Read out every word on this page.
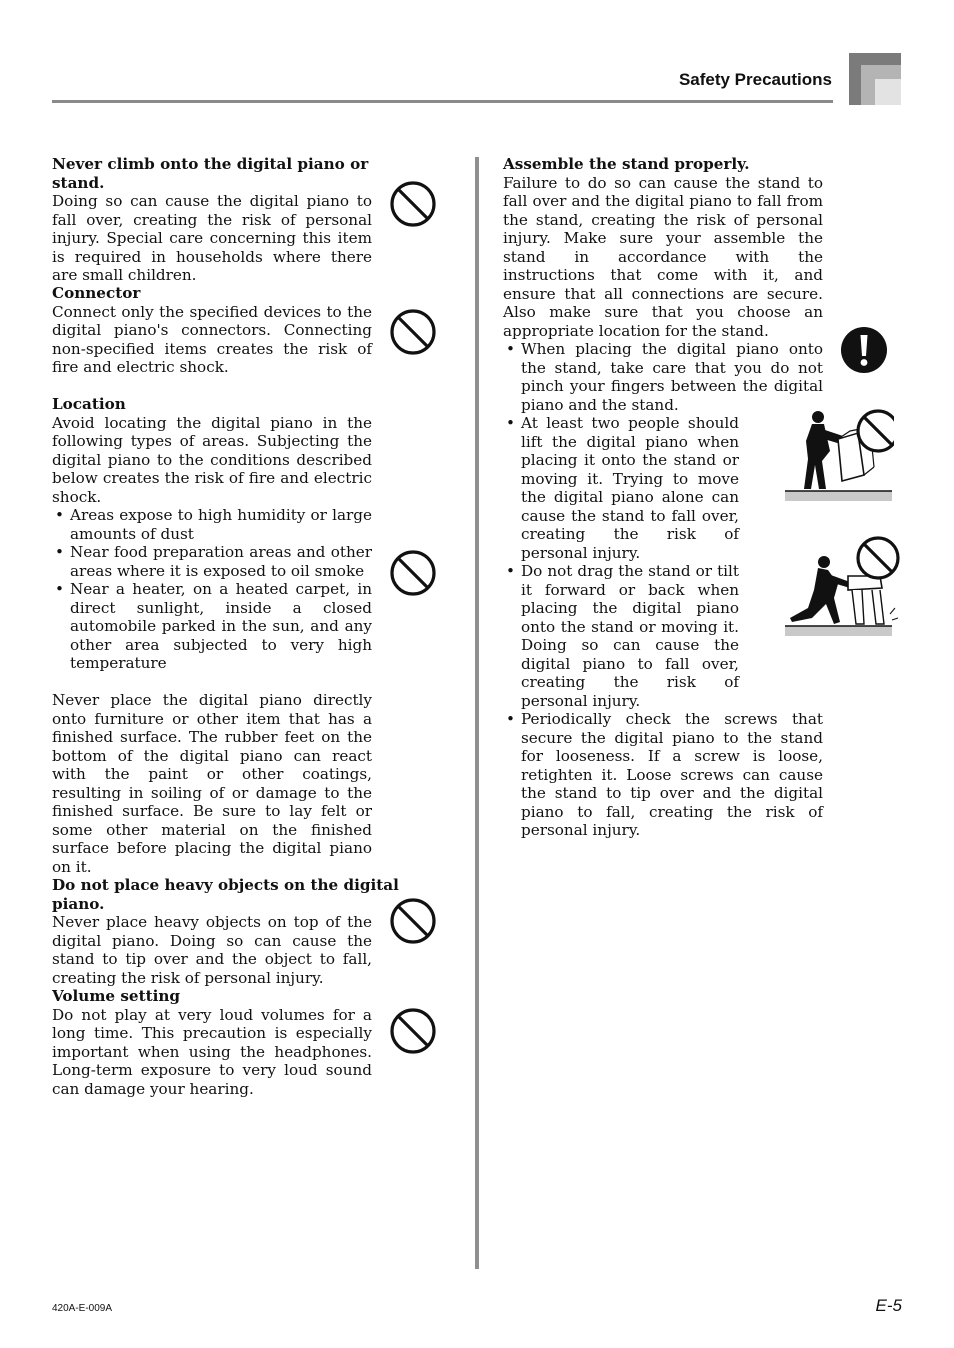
Safety Precautions

Never climb onto the digital piano or stand.

Doing so can cause the digital piano to fall over, creating the risk of personal injury. Special care concerning this item is required in households where there are small children.

Connector

Connect only the specified devices to the digital piano's connectors. Connecting non-specified items creates the risk of fire and electric shock.

Location

Avoid locating the digital piano in the following types of areas. Subjecting the digital piano to the conditions described below creates the risk of fire and electric shock.

• Areas expose to high humidity or large amounts of dust
• Near food preparation areas and other areas where it is exposed to oil smoke
• Near a heater, on a heated carpet, in direct sunlight, inside a closed automobile parked in the sun, and any other area subjected to very high temperature

Never place the digital piano directly onto furniture or other item that has a finished surface. The rubber feet on the bottom of the digital piano can react with the paint or other coatings, resulting in soiling of or damage to the finished surface. Be sure to lay felt or some other material on the finished surface before placing the digital piano on it.

Do not place heavy objects on the digital piano.

Never place heavy objects on top of the digital piano. Doing so can cause the stand to tip over and the object to fall, creating the risk of personal injury.

Volume setting

Do not play at very loud volumes for a long time. This precaution is especially important when using the headphones. Long-term exposure to very loud sound can damage your hearing.

Assemble the stand properly.

Failure to do so can cause the stand to fall over and the digital piano to fall from the stand, creating the risk of personal injury. Make sure your assemble the stand in accordance with the instructions that come with it, and ensure that all connections are secure. Also make sure that you choose an appropriate location for the stand.

• When placing the digital piano onto the stand, take care that you do not pinch your fingers between the digital piano and the stand.
• At least two people should lift the digital piano when placing it onto the stand or moving it. Trying to move the digital piano alone can cause the stand to fall over, creating the risk of personal injury.
• Do not drag the stand or tilt it forward or back when placing the digital piano onto the stand or moving it. Doing so can cause the digital piano to fall over, creating the risk of personal injury.
• Periodically check the screws that secure the digital piano to the stand for looseness. If a screw is loose, retighten it. Loose screws can cause the stand to tip over and the digital piano to fall, creating the risk of personal injury.
420A-E-009A	E-5
